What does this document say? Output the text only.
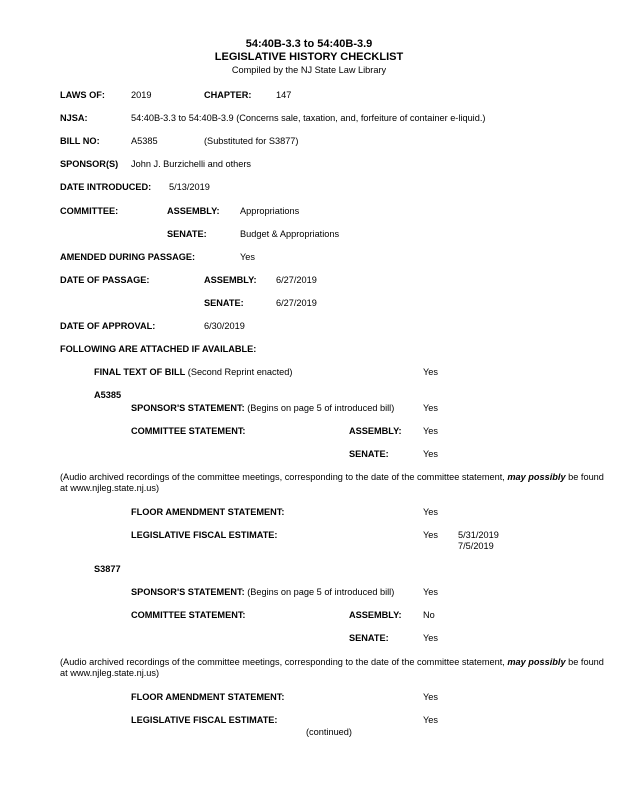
54:40B-3.3 to 54:40B-3.9
LEGISLATIVE HISTORY CHECKLIST
Compiled by the NJ State Law Library
LAWS OF:	2019	CHAPTER:	147
NJSA:	54:40B-3.3 to 54:40B-3.9 (Concerns sale, taxation, and, forfeiture of container e-liquid.)
BILL NO:	A5385	(Substituted for S3877)
SPONSOR(S) John J. Burzichelli and others
DATE INTRODUCED: 5/13/2019
COMMITTEE:	ASSEMBLY: Appropriations
SENATE:	Budget & Appropriations
AMENDED DURING PASSAGE:	Yes
DATE OF PASSAGE:	ASSEMBLY: 6/27/2019
SENATE:	6/27/2019
DATE OF APPROVAL:	6/30/2019
FOLLOWING ARE ATTACHED IF AVAILABLE:
FINAL TEXT OF BILL (Second Reprint enacted)	Yes
A5385
SPONSOR'S STATEMENT: (Begins on page 5 of introduced bill)	Yes
COMMITTEE STATEMENT:	ASSEMBLY: Yes
SENATE:	Yes
(Audio archived recordings of the committee meetings, corresponding to the date of the committee statement, may possibly be found at www.njleg.state.nj.us)
FLOOR AMENDMENT STATEMENT:	Yes
LEGISLATIVE FISCAL ESTIMATE:	Yes 5/31/2019
7/5/2019
S3877
SPONSOR'S STATEMENT: (Begins on page 5 of introduced bill)	Yes
COMMITTEE STATEMENT:	ASSEMBLY: No
SENATE:	Yes
(Audio archived recordings of the committee meetings, corresponding to the date of the committee statement, may possibly be found at www.njleg.state.nj.us)
FLOOR AMENDMENT STATEMENT:	Yes
LEGISLATIVE FISCAL ESTIMATE:	Yes
(continued)
